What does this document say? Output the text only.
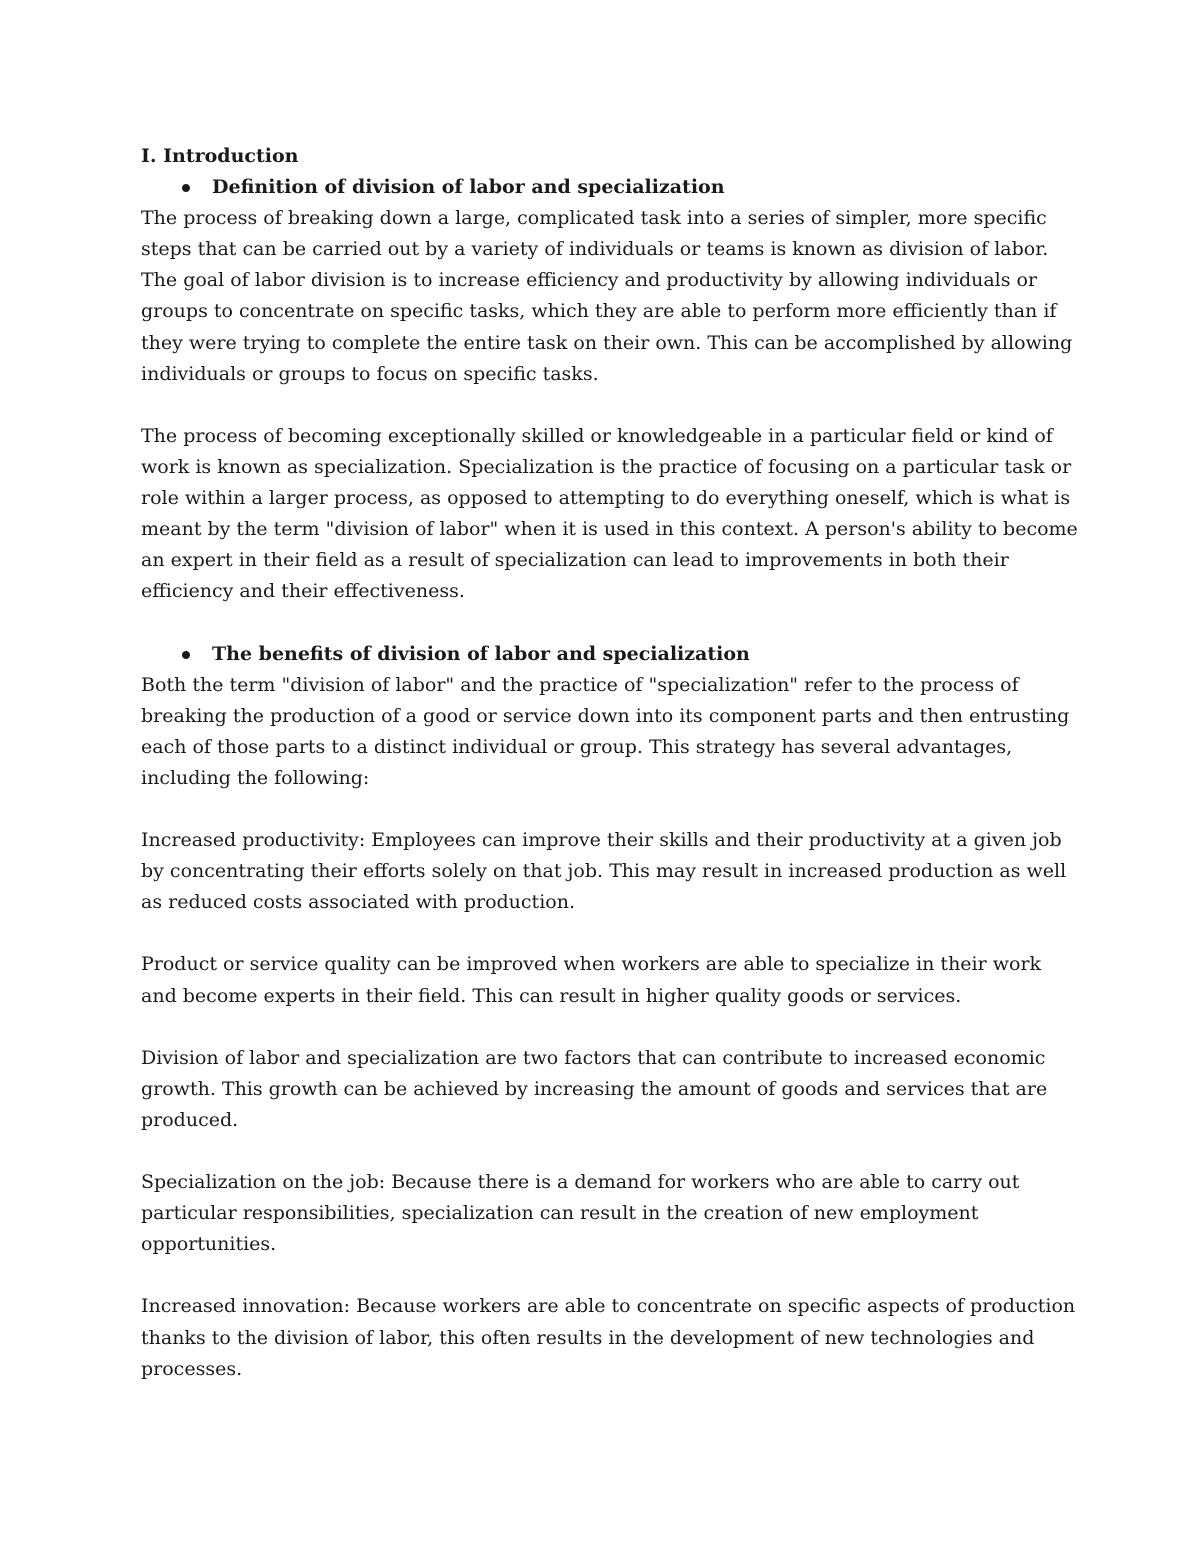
I. Introduction

Definition of division of labor and specialization

The process of breaking down a large, complicated task into a series of simpler, more specific steps that can be carried out by a variety of individuals or teams is known as division of labor. The goal of labor division is to increase efficiency and productivity by allowing individuals or groups to concentrate on specific tasks, which they are able to perform more efficiently than if they were trying to complete the entire task on their own. This can be accomplished by allowing individuals or groups to focus on specific tasks.

The process of becoming exceptionally skilled or knowledgeable in a particular field or kind of work is known as specialization. Specialization is the practice of focusing on a particular task or role within a larger process, as opposed to attempting to do everything oneself, which is what is meant by the term "division of labor" when it is used in this context. A person's ability to become an expert in their field as a result of specialization can lead to improvements in both their efficiency and their effectiveness.

The benefits of division of labor and specialization

Both the term "division of labor" and the practice of "specialization" refer to the process of breaking the production of a good or service down into its component parts and then entrusting each of those parts to a distinct individual or group. This strategy has several advantages, including the following:

Increased productivity: Employees can improve their skills and their productivity at a given job by concentrating their efforts solely on that job. This may result in increased production as well as reduced costs associated with production.

Product or service quality can be improved when workers are able to specialize in their work and become experts in their field. This can result in higher quality goods or services.

Division of labor and specialization are two factors that can contribute to increased economic growth. This growth can be achieved by increasing the amount of goods and services that are produced.

Specialization on the job: Because there is a demand for workers who are able to carry out particular responsibilities, specialization can result in the creation of new employment opportunities.

Increased innovation: Because workers are able to concentrate on specific aspects of production thanks to the division of labor, this often results in the development of new technologies and processes.
